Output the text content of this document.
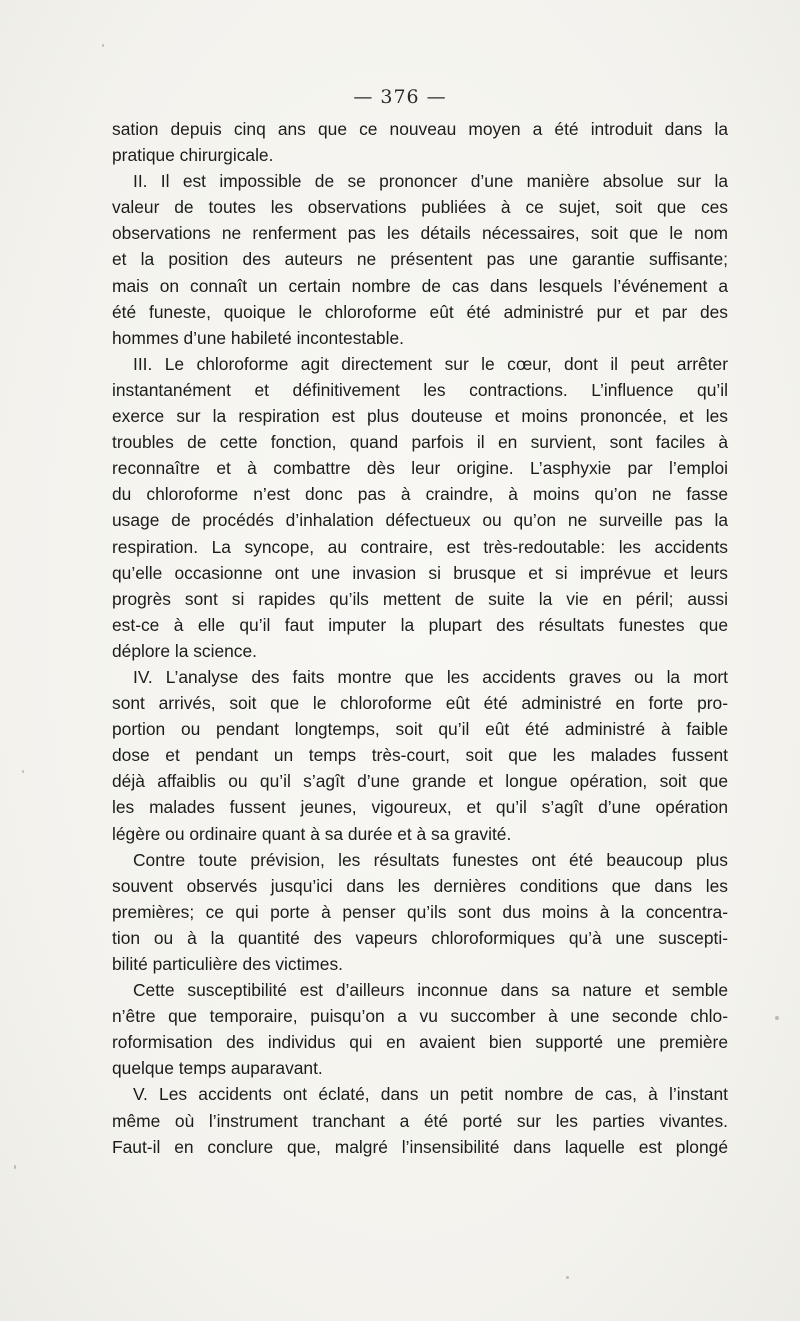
— 376 —
sation depuis cinq ans que ce nouveau moyen a été introduit dans la
pratique chirurgicale.
II. Il est impossible de se prononcer d’une manière absolue sur la
valeur de toutes les observations publiées à ce sujet, soit que ces
observations ne renferment pas les détails nécessaires, soit que le nom
et la position des auteurs ne présentent pas une garantie suffisante;
mais on connaît un certain nombre de cas dans lesquels l’événement a
été funeste, quoique le chloroforme eût été administré pur et par des
hommes d’une habileté incontestable.
III. Le chloroforme agit directement sur le cœur, dont il peut arrêter
instantanément et définitivement les contractions. L’influence qu’il
exerce sur la respiration est plus douteuse et moins prononcée, et les
troubles de cette fonction, quand parfois il en survient, sont faciles à
reconnaître et à combattre dès leur origine. L’asphyxie par l’emploi
du chloroforme n’est donc pas à craindre, à moins qu’on ne fasse
usage de procédés d’inhalation défectueux ou qu’on ne surveille pas la
respiration. La syncope, au contraire, est très-redoutable: les accidents
qu’elle occasionne ont une invasion si brusque et si imprévue et leurs
progrès sont si rapides qu’ils mettent de suite la vie en péril; aussi
est-ce à elle qu’il faut imputer la plupart des résultats funestes que
déplore la science.
IV. L’analyse des faits montre que les accidents graves ou la mort
sont arrivés, soit que le chloroforme eût été administré en forte pro-
portion ou pendant longtemps, soit qu’il eût été administré à faible
dose et pendant un temps très-court, soit que les malades fussent
déjà affaiblis ou qu’il s’agît d’une grande et longue opération, soit que
les malades fussent jeunes, vigoureux, et qu’il s’agît d’une opération
légère ou ordinaire quant à sa durée et à sa gravité.
Contre toute prévision, les résultats funestes ont été beaucoup plus
souvent observés jusqu’ici dans les dernières conditions que dans les
premières; ce qui porte à penser qu’ils sont dus moins à la concentra-
tion ou à la quantité des vapeurs chloroformiques qu’à une suscepti-
bilité particulière des victimes.
Cette susceptibilité est d’ailleurs inconnue dans sa nature et semble
n’être que temporaire, puisqu’on a vu succomber à une seconde chlo-
roformisation des individus qui en avaient bien supporté une première
quelque temps auparavant.
V. Les accidents ont éclaté, dans un petit nombre de cas, à l’instant
même où l’instrument tranchant a été porté sur les parties vivantes.
Faut-il en conclure que, malgré l’insensibilité dans laquelle est plongé
